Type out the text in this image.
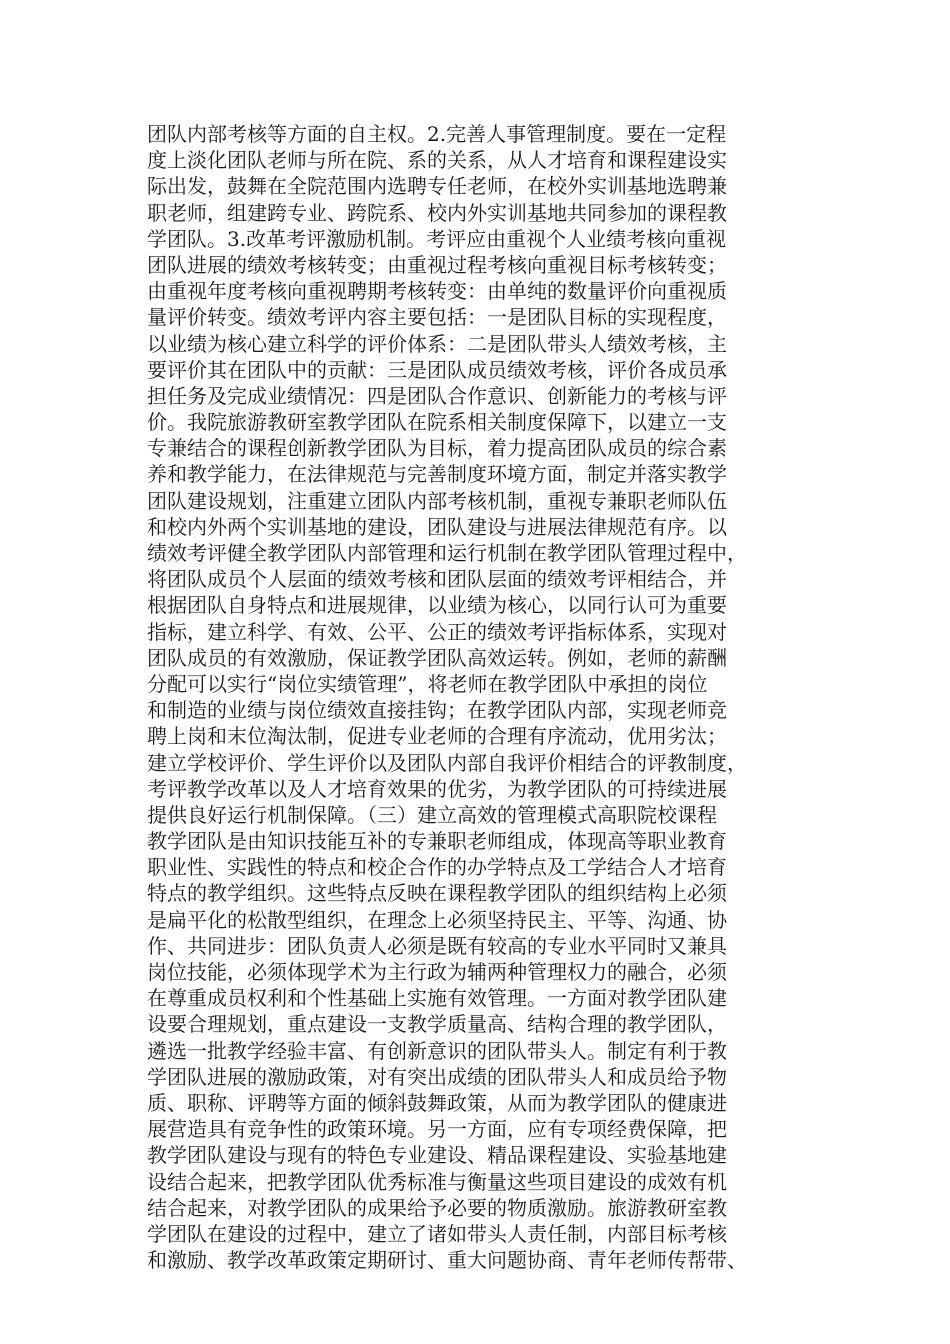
团队内部考核等方面的自主权。2.完善人事管理制度。要在一定程
度上淡化团队老师与所在院、系的关系，从人才培育和课程建设实
际出发，鼓舞在全院范围内选聘专任老师，在校外实训基地选聘兼
职老师，组建跨专业、跨院系、校内外实训基地共同参加的课程教
学团队。3.改革考评激励机制。考评应由重视个人业绩考核向重视
团队进展的绩效考核转变；由重视过程考核向重视目标考核转变；
由重视年度考核向重视聘期考核转变：由单纯的数量评价向重视质
量评价转变。绩效考评内容主要包括：一是团队目标的实现程度，
以业绩为核心建立科学的评价体系：二是团队带头人绩效考核，主
要评价其在团队中的贡献：三是团队成员绩效考核，评价各成员承
担任务及完成业绩情况：四是团队合作意识、创新能力的考核与评
价。我院旅游教研室教学团队在院系相关制度保障下，以建立一支
专兼结合的课程创新教学团队为目标，着力提高团队成员的综合素
养和教学能力，在法律规范与完善制度环境方面，制定并落实教学
团队建设规划，注重建立团队内部考核机制，重视专兼职老师队伍
和校内外两个实训基地的建设，团队建设与进展法律规范有序。以
绩效考评健全教学团队内部管理和运行机制在教学团队管理过程中，
将团队成员个人层面的绩效考核和团队层面的绩效考评相结合，并
根据团队自身特点和进展规律，以业绩为核心，以同行认可为重要
指标，建立科学、有效、公平、公正的绩效考评指标体系，实现对
团队成员的有效激励，保证教学团队高效运转。例如，老师的薪酬
分配可以实行“岗位实绩管理”，将老师在教学团队中承担的岗位
和制造的业绩与岗位绩效直接挂钩；在教学团队内部，实现老师竞
聘上岗和末位淘汰制，促进专业老师的合理有序流动，优用劣汰；
建立学校评价、学生评价以及团队内部自我评价相结合的评教制度，
考评教学改革以及人才培育效果的优劣，为教学团队的可持续进展
提供良好运行机制保障。（三）建立高效的管理模式高职院校课程
教学团队是由知识技能互补的专兼职老师组成，体现高等职业教育
职业性、实践性的特点和校企合作的办学特点及工学结合人才培育
特点的教学组织。这些特点反映在课程教学团队的组织结构上必须
是扁平化的松散型组织，在理念上必须坚持民主、平等、沟通、协
作、共同进步：团队负责人必须是既有较高的专业水平同时又兼具
岗位技能，必须体现学术为主行政为辅两种管理权力的融合，必须
在尊重成员权利和个性基础上实施有效管理。一方面对教学团队建
设要合理规划，重点建设一支教学质量高、结构合理的教学团队，
遴选一批教学经验丰富、有创新意识的团队带头人。制定有利于教
学团队进展的激励政策，对有突出成绩的团队带头人和成员给予物
质、职称、评聘等方面的倾斜鼓舞政策，从而为教学团队的健康进
展营造具有竞争性的政策环境。另一方面，应有专项经费保障，把
教学团队建设与现有的特色专业建设、精品课程建设、实验基地建
设结合起来，把教学团队优秀标准与衡量这些项目建设的成效有机
结合起来，对教学团队的成果给予必要的物质激励。旅游教研室教
学团队在建设的过程中，建立了诸如带头人责任制，内部目标考核
和激励、教学改革政策定期研讨、重大问题协商、青年老师传帮带、
